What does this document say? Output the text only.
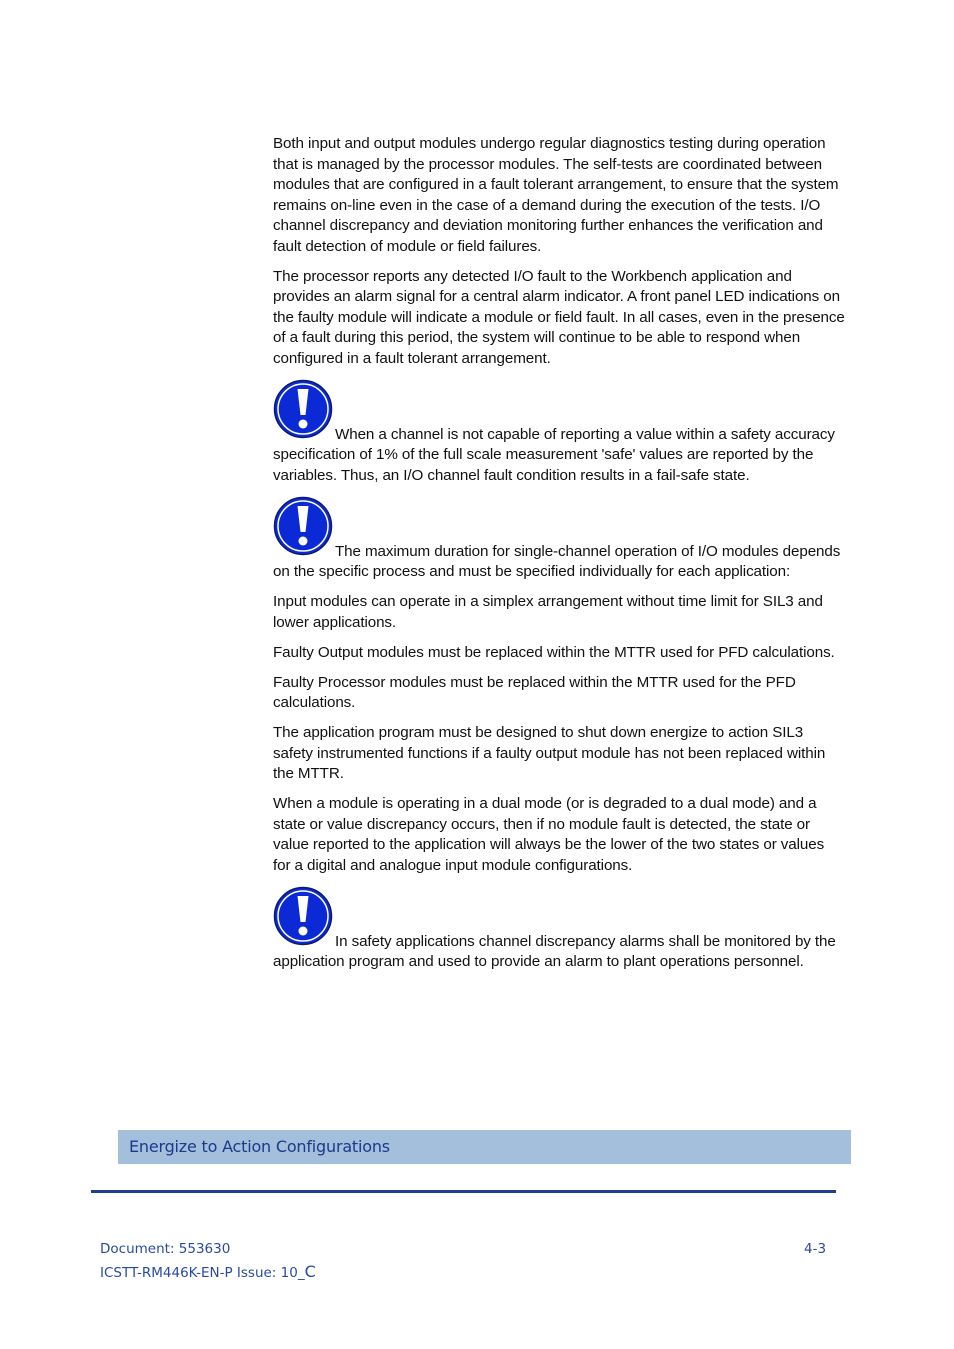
Both input and output modules undergo regular diagnostics testing during operation that is managed by the processor modules. The self-tests are coordinated between modules that are configured in a fault tolerant arrangement, to ensure that the system remains on-line even in the case of a demand during the execution of the tests. I/O channel discrepancy and deviation monitoring further enhances the verification and fault detection of module or field failures.

The processor reports any detected I/O fault to the Workbench application and provides an alarm signal for a central alarm indicator. A front panel LED indications on the faulty module will indicate a module or field fault. In all cases, even in the presence of a fault during this period, the system will continue to be able to respond when configured in a fault tolerant arrangement.

When a channel is not capable of reporting a value within a safety accuracy specification of 1% of the full scale measurement 'safe' values are reported by the variables. Thus, an I/O channel fault condition results in a fail-safe state.
The maximum duration for single-channel operation of I/O modules depends on the specific process and must be specified individually for each application:

Input modules can operate in a simplex arrangement without time limit for SIL3 and lower applications.

Faulty Output modules must be replaced within the MTTR used for PFD calculations.

Faulty Processor modules must be replaced within the MTTR used for the PFD calculations.

The application program must be designed to shut down energize to action SIL3 safety instrumented functions if a faulty output module has not been replaced within the MTTR.

When a module is operating in a dual mode (or is degraded to a dual mode) and a state or value discrepancy occurs, then if no module fault is detected, the state or value reported to the application will always be the lower of the two states or values for a digital and analogue input module configurations.

In safety applications channel discrepancy alarms shall be monitored by the application program and used to provide an alarm to plant operations personnel.
Energize to Action Configurations
Document: 553630
ICSTT-RM446K-EN-P Issue: 10_C
4-3
